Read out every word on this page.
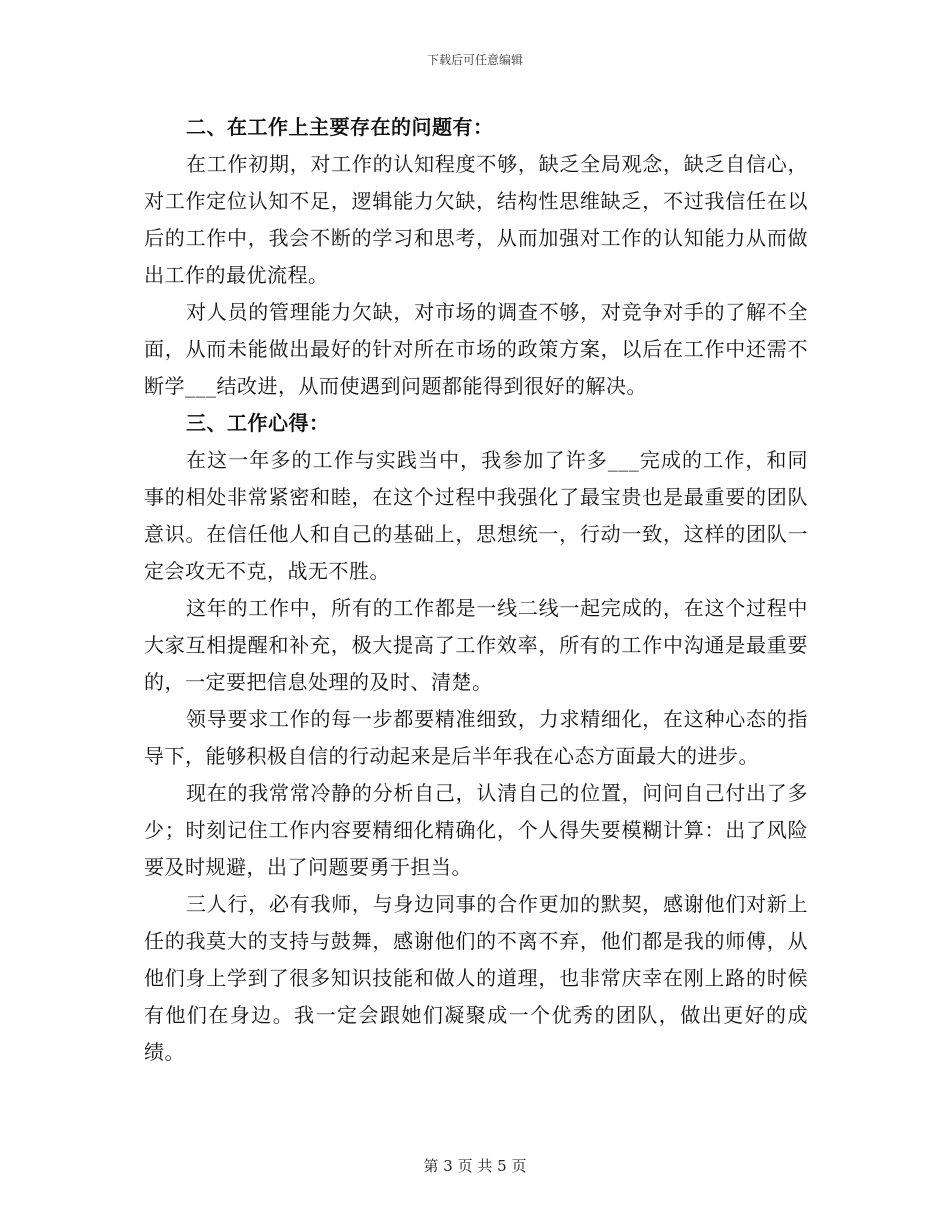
下载后可任意编辑

二、在工作上主要存在的问题有：

在工作初期，对工作的认知程度不够，缺乏全局观念，缺乏自信心，对工作定位认知不足，逻辑能力欠缺，结构性思维缺乏，不过我信任在以后的工作中，我会不断的学习和思考，从而加强对工作的认知能力从而做出工作的最优流程。

对人员的管理能力欠缺，对市场的调查不够，对竞争对手的了解不全面，从而未能做出最好的针对所在市场的政策方案，以后在工作中还需不断学___结改进，从而使遇到问题都能得到很好的解决。

三、工作心得：

在这一年多的工作与实践当中，我参加了许多___完成的工作，和同事的相处非常紧密和睦，在这个过程中我强化了最宝贵也是最重要的团队意识。在信任他人和自己的基础上，思想统一，行动一致，这样的团队一定会攻无不克，战无不胜。

这年的工作中，所有的工作都是一线二线一起完成的，在这个过程中大家互相提醒和补充，极大提高了工作效率，所有的工作中沟通是最重要的，一定要把信息处理的及时、清楚。

领导要求工作的每一步都要精准细致，力求精细化，在这种心态的指导下，能够积极自信的行动起来是后半年我在心态方面最大的进步。

现在的我常常冷静的分析自己，认清自己的位置，问问自己付出了多少；时刻记住工作内容要精细化精确化，个人得失要模糊计算：出了风险要及时规避，出了问题要勇于担当。

三人行，必有我师，与身边同事的合作更加的默契，感谢他们对新上任的我莫大的支持与鼓舞，感谢他们的不离不弃，他们都是我的师傅，从他们身上学到了很多知识技能和做人的道理，也非常庆幸在刚上路的时候有他们在身边。我一定会跟她们凝聚成一个优秀的团队，做出更好的成绩。

第 3 页 共 5 页
